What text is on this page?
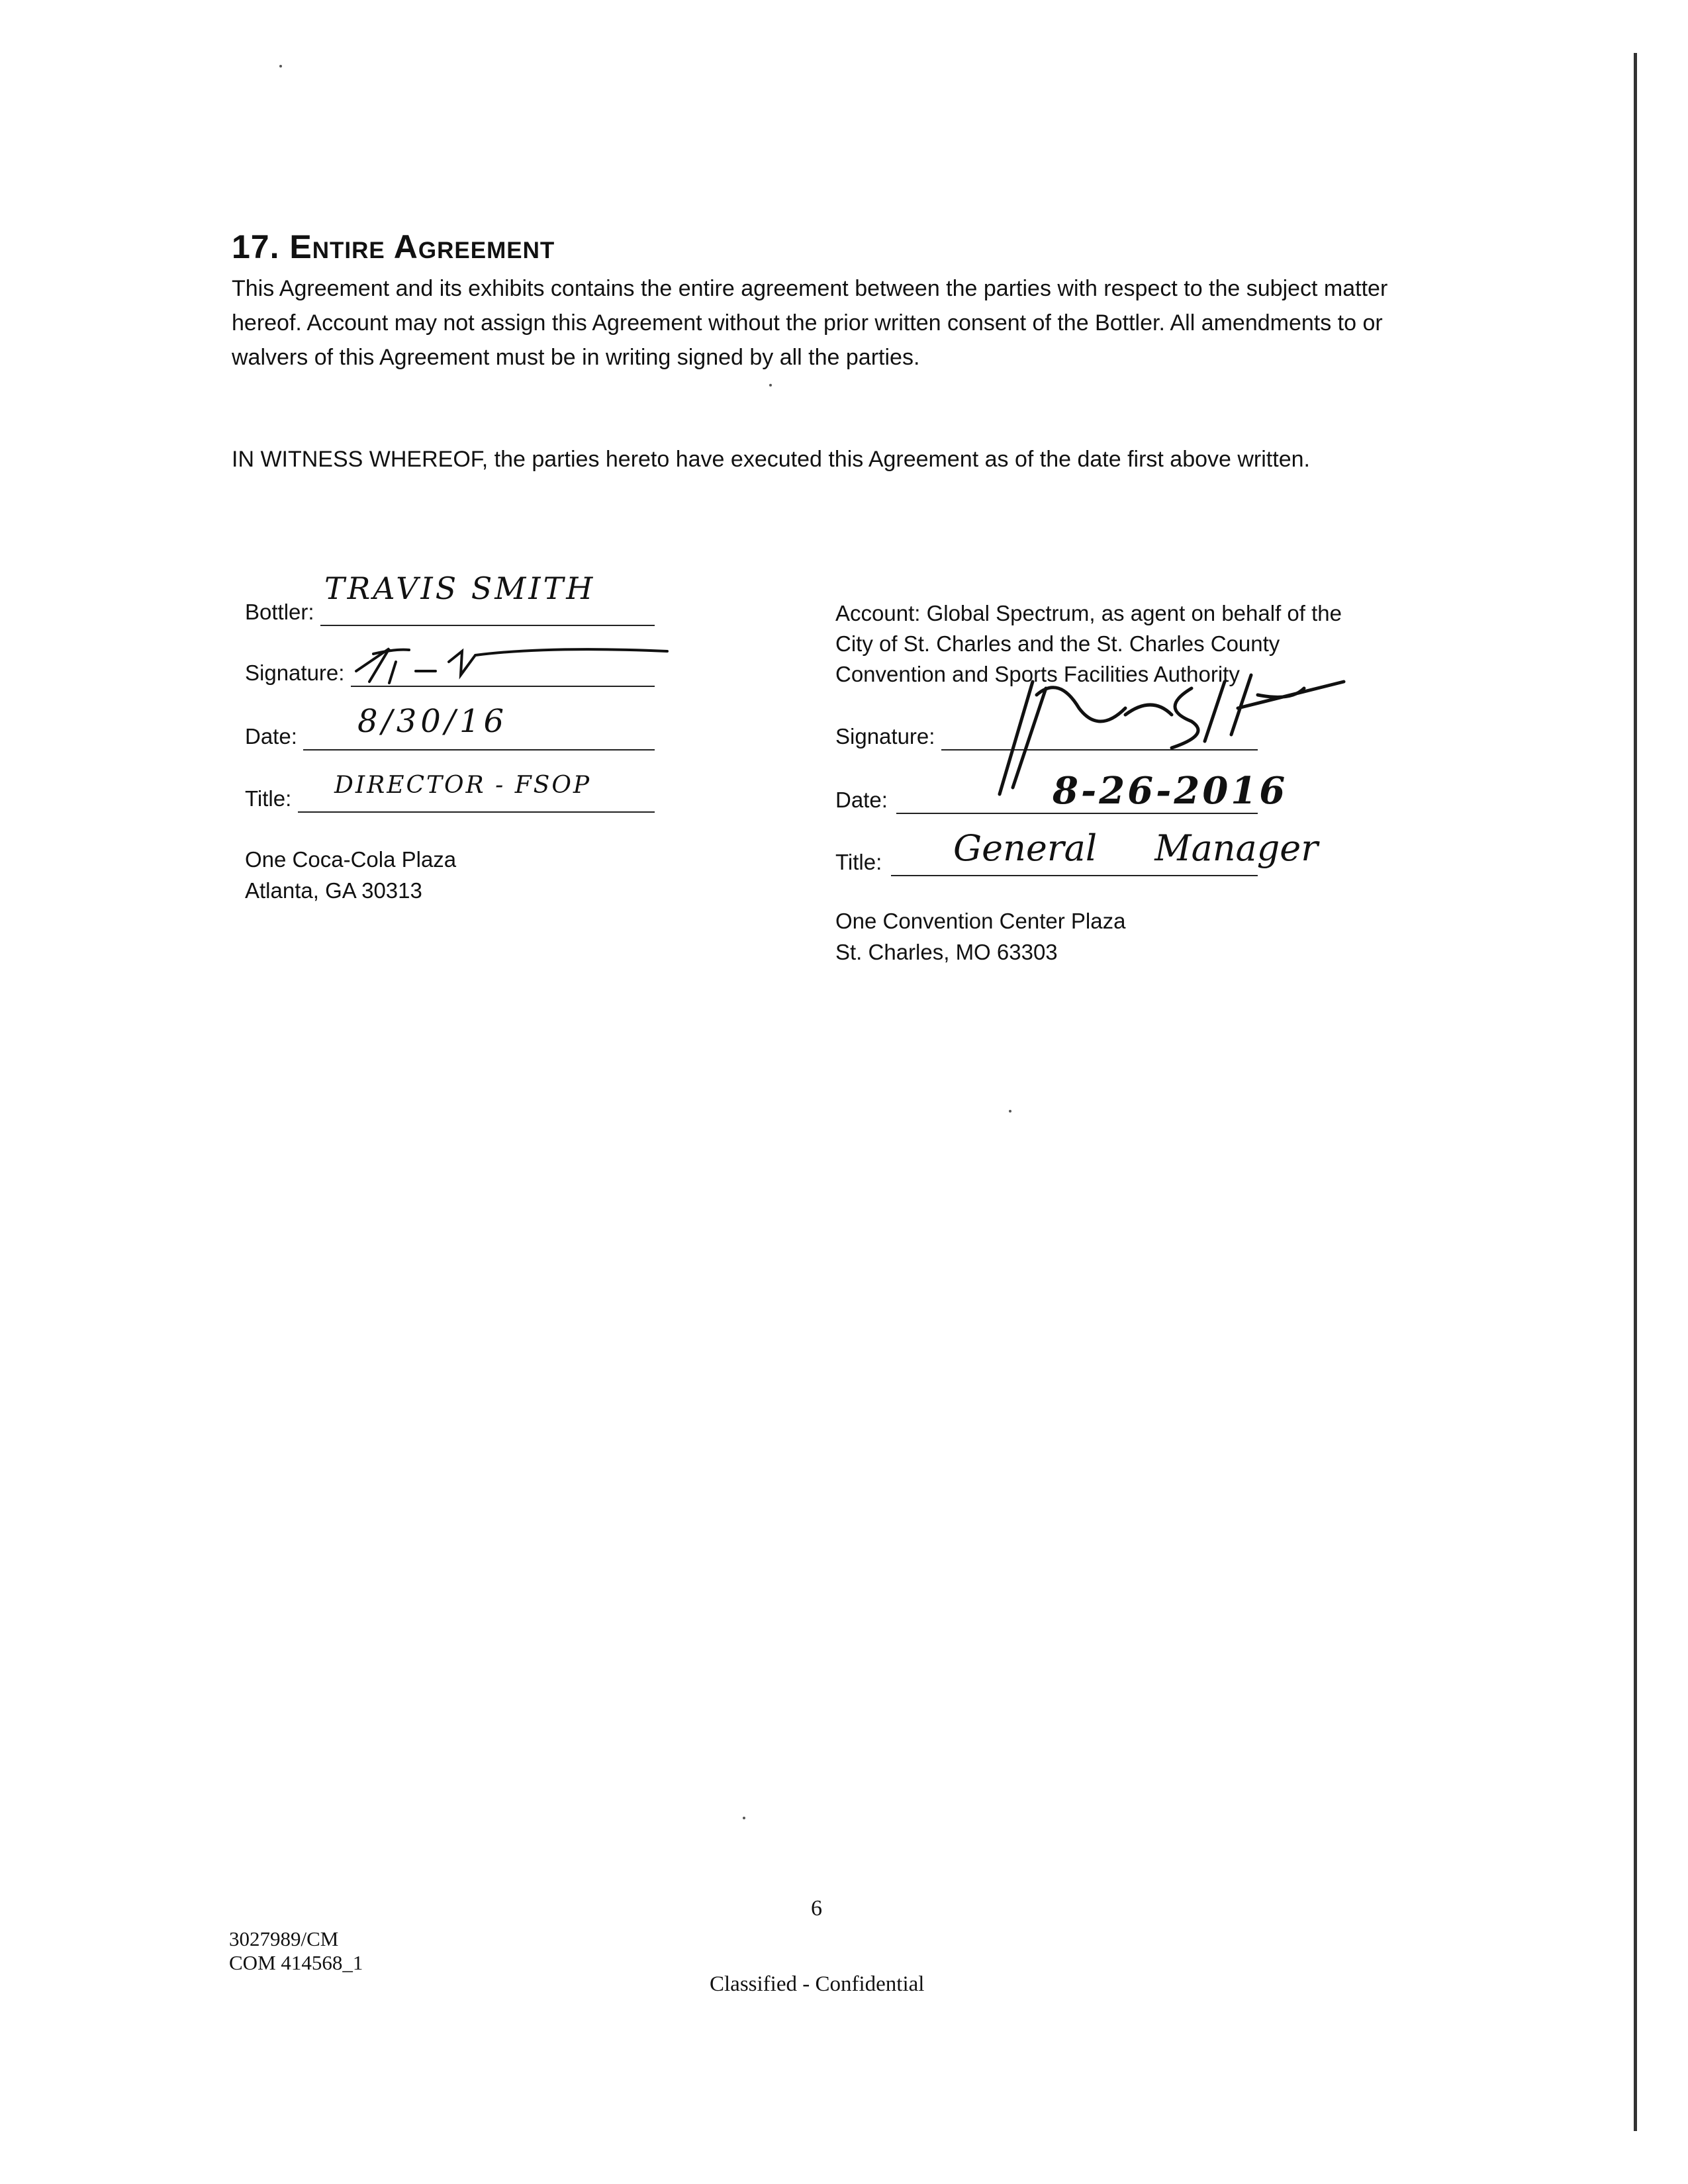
17. Entire Agreement

This Agreement and its exhibits contains the entire agreement between the parties with respect to the subject matter hereof. Account may not assign this Agreement without the prior written consent of the Bottler. All amendments to or walvers of this Agreement must be in writing signed by all the parties.

IN WITNESS WHEREOF, the parties hereto have executed this Agreement as of the date first above written.

Bottler:
TRAVIS SMITH
Signature:
Date: 8/30/16
Title: DIRECTOR - FSOP
One Coca-Cola Plaza
Atlanta, GA 30313
Account: Global Spectrum, as agent on behalf of the
City of St. Charles and the St. Charles County
Convention and Sports Facilities Authority
Signature:
Date:	8-26-2016
Title: General Manager
One Convention Center Plaza
St. Charles, MO 63303
6
3027989/CM
COM 414568_1
Classified - Confidential
